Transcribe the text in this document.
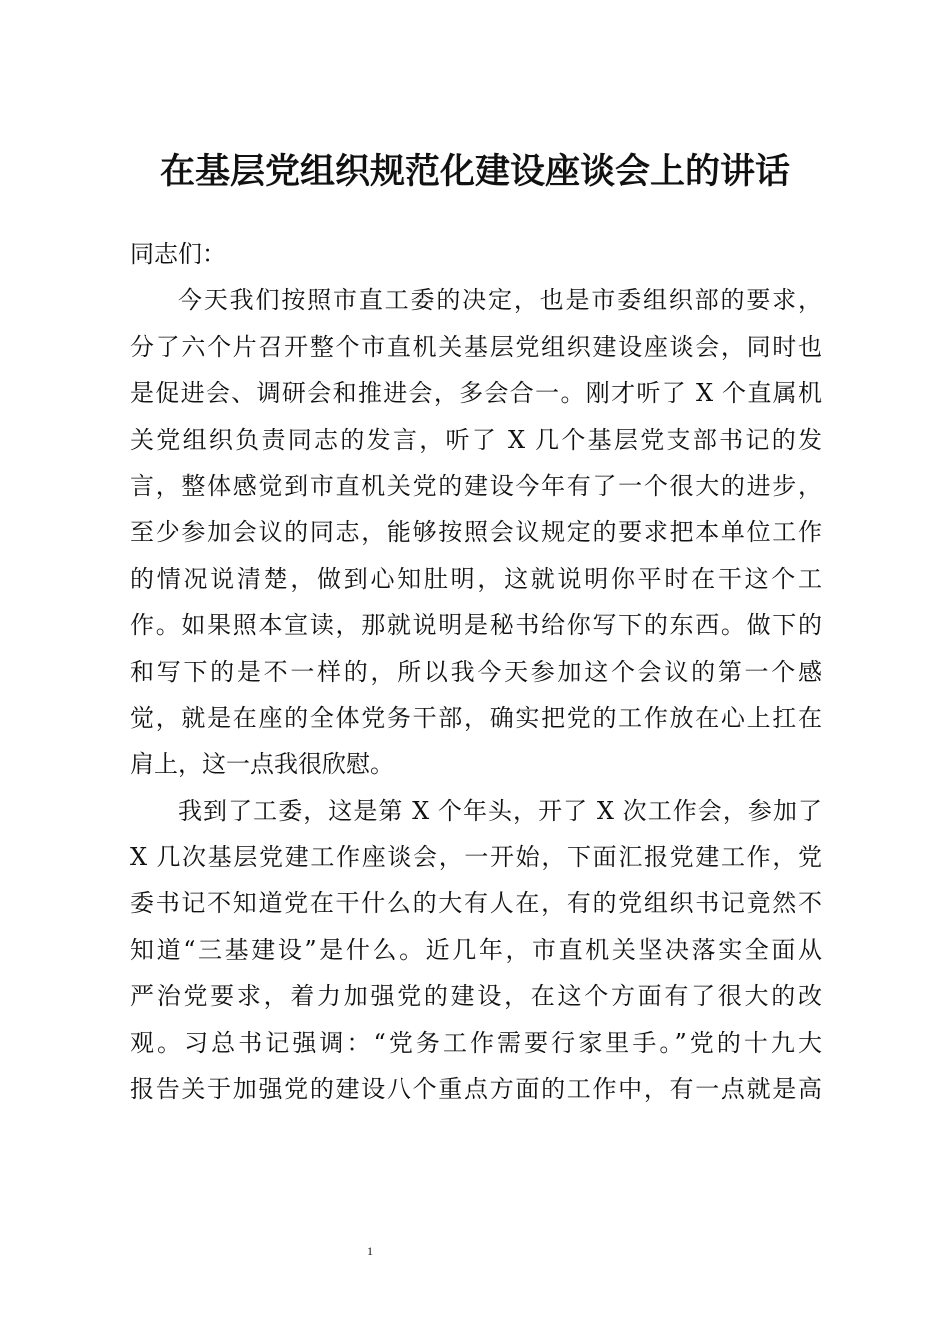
在基层党组织规范化建设座谈会上的讲话
同志们：
今天我们按照市直工委的决定，也是市委组织部的要求，
分了六个片召开整个市直机关基层党组织建设座谈会，同时也
是促进会、调研会和推进会，多会合一。刚才听了 X 个直属机
关党组织负责同志的发言，听了 X 几个基层党支部书记的发
言，整体感觉到市直机关党的建设今年有了一个很大的进步，
至少参加会议的同志，能够按照会议规定的要求把本单位工作
的情况说清楚，做到心知肚明，这就说明你平时在干这个工
作。如果照本宣读，那就说明是秘书给你写下的东西。做下的
和写下的是不一样的，所以我今天参加这个会议的第一个感
觉，就是在座的全体党务干部，确实把党的工作放在心上扛在
肩上，这一点我很欣慰。
我到了工委，这是第 X 个年头，开了 X 次工作会，参加了
X 几次基层党建工作座谈会，一开始，下面汇报党建工作，党
委书记不知道党在干什么的大有人在，有的党组织书记竟然不
知道“三基建设”是什么。近几年，市直机关坚决落实全面从
严治党要求，着力加强党的建设，在这个方面有了很大的改
观。习总书记强调：“党务工作需要行家里手。”党的十九大
报告关于加强党的建设八个重点方面的工作中，有一点就是高
1
